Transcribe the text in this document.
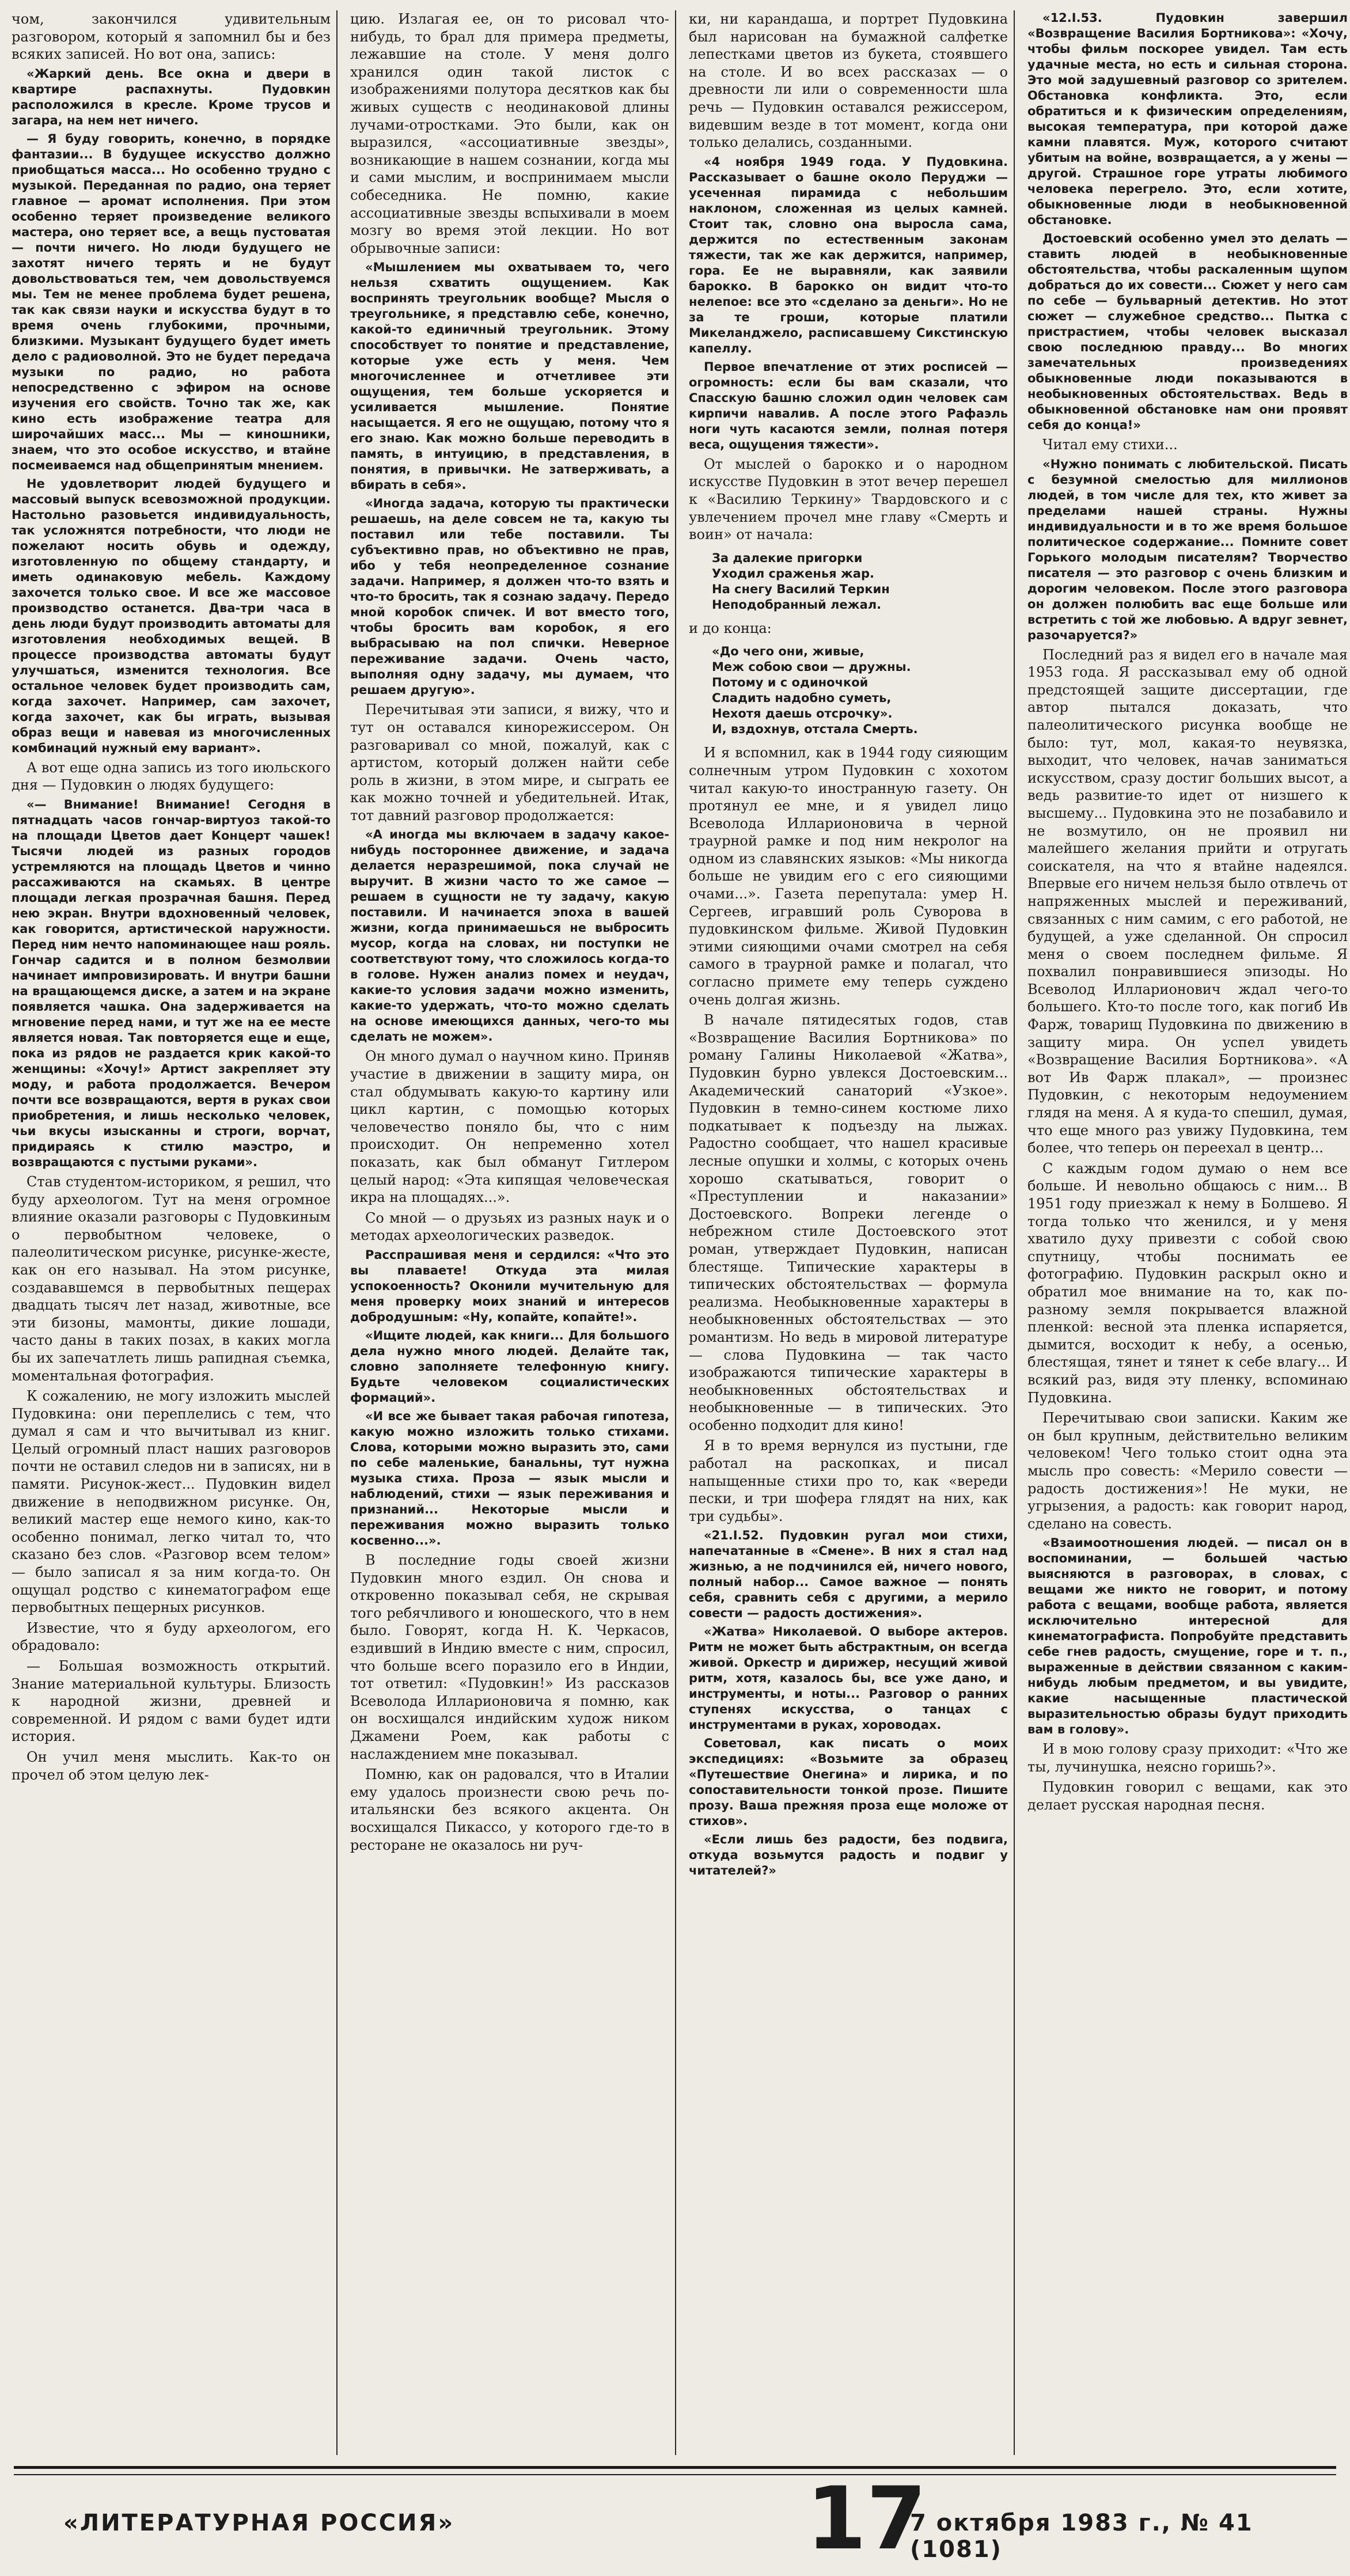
чом, закончился удивительным разговором, который я запомнил бы и без всяких записей. Но вот она, запись:

«Жаркий день. Все окна и двери в квартире распахнуты. Пудовкин расположился в кресле. Кроме трусов и загара, на нем нет ничего.

— Я буду говорить, конечно, в порядке фантазии... В будущее искусство должно приобщаться масса... Но особенно трудно с музыкой. Переданная по радио, она теряет главное — аромат исполнения. При этом особенно теряет произведение великого мастера, оно теряет все, а вещь пустоватая — почти ничего. Но люди будущего не захотят ничего терять и не будут довольствоваться тем, чем довольствуемся мы. Тем не менее проблема будет решена, так как связи науки и искусства будут в то время очень глубокими, прочными, близкими. Музыкант будущего будет иметь дело с радиоволной. Это не будет передача музыки по радио, но работа непосредственно с эфиром на основе изучения его свойств. Точно так же, как кино есть изображение театра для широчайших масс... Мы — киношники, знаем, что это особое искусство, и втайне посмеиваемся над общепринятым мнением.

Не удовлетворит людей будущего и массовый выпуск всевозможной продукции. Настольно разовьется индивидуальность, так усложнятся потребности, что люди не пожелают носить обувь и одежду, изготовленную по общему стандарту, и иметь одинаковую мебель. Каждому захочется только свое. И все же массовое производство останется. Два-три часа в день люди будут производить автоматы для изготовления необходимых вещей. В процессе производства автоматы будут улучшаться, изменится технология. Все остальное человек будет производить сам, когда захочет. Например, сам захочет, когда захочет, как бы играть, вызывая образ вещи и навевая из многочисленных комбинаций нужный ему вариант».

А вот еще одна запись из того июльского дня — Пудовкин о людях будущего:

«— Внимание! Внимание! Сегодня в пятнадцать часов гончар-виртуоз такой-то на площади Цветов дает Концерт чашек! Тысячи людей из разных городов устремляются на площадь Цветов и чинно рассаживаются на скамьях. В центре площади легкая прозрачная башня. Перед нею экран. Внутри вдохновенный человек, как говорится, артистической наружности. Перед ним нечто напоминающее наш рояль. Гончар садится и в полном безмолвии начинает импровизировать. И внутри башни на вращающемся диске, а затем и на экране появляется чашка. Она задерживается на мгновение перед нами, и тут же на ее месте является новая. Так повторяется еще и еще, пока из рядов не раздается крик какой-то женщины: «Хочу!» Артист закрепляет эту моду, и работа продолжается. Вечером почти все возвращаются, вертя в руках свои приобретения, и лишь несколько человек, чьи вкусы изысканны и строги, ворчат, придираясь к стилю маэстро, и возвращаются с пустыми руками».

Став студентом-историком, я решил, что буду археологом. Тут на меня огромное влияние оказали разговоры с Пудовкиным о первобытном человеке, о палеолитическом рисунке, рисунке-жесте, как он его называл. На этом рисунке, создававшемся в первобытных пещерах двадцать тысяч лет назад, животные, все эти бизоны, мамонты, дикие лошади, часто даны в таких позах, в каких могла бы их запечатлеть лишь рапидная съемка, моментальная фотография.

К сожалению, не могу изложить мыслей Пудовкина: они переплелись с тем, что думал я сам и что вычитывал из книг. Целый огромный пласт наших разговоров почти не оставил следов ни в записях, ни в памяти. Рисунок-жест... Пудовкин видел движение в неподвижном рисунке. Он, великий мастер еще немого кино, как-то особенно понимал, легко читал то, что сказано без слов. «Разговор всем телом» — было записал я за ним когда-то. Он ощущал родство с кинематографом еще первобытных пещерных рисунков.

Известие, что я буду археологом, его обрадовало:

— Большая возможность открытий. Знание материальной культуры. Близость к народной жизни, древней и современной. И рядом с вами будет идти история.

Он учил меня мыслить. Как-то он прочел об этом целую лек-

цию. Излагая ее, он то рисовал что-нибудь, то брал для примера предметы, лежавшие на столе. У меня долго хранился один такой листок с изображениями полутора десятков как бы живых существ с неодинаковой длины лучами-отростками. Это были, как он выразился, «ассоциативные звезды», возникающие в нашем сознании, когда мы и сами мыслим, и воспринимаем мысли собеседника. Не помню, какие ассоциативные звезды вспыхивали в моем мозгу во время этой лекции. Но вот обрывочные записи:

«Мышлением мы охватываем то, чего нельзя схватить ощущением. Как воспринять треугольник вообще? Мысля о треугольнике, я представлю себе, конечно, какой-то единичный треугольник. Этому способствует то понятие и представление, которые уже есть у меня. Чем многочисленнее и отчетливее эти ощущения, тем больше ускоряется и усиливается мышление. Понятие насыщается. Я его не ощущаю, потому что я его знаю. Как можно больше переводить в память, в интуицию, в представления, в понятия, в привычки. Не затверживать, а вбирать в себя».

«Иногда задача, которую ты практически решаешь, на деле совсем не та, какую ты поставил или тебе поставили. Ты субъективно прав, но объективно не прав, ибо у тебя неопределенное сознание задачи. Например, я должен что-то взять и что-то бросить, так я сознаю задачу. Передо мной коробок спичек. И вот вместо того, чтобы бросить вам коробок, я его выбрасываю на пол спички. Неверное переживание задачи. Очень часто, выполняя одну задачу, мы думаем, что решаем другую».

Перечитывая эти записи, я вижу, что и тут он оставался кинорежиссером. Он разговаривал со мной, пожалуй, как с артистом, который должен найти себе роль в жизни, в этом мире, и сыграть ее как можно точней и убедительней. Итак, тот давний разговор продолжается:

«А иногда мы включаем в задачу какое-нибудь постороннее движение, и задача делается неразрешимой, пока случай не выручит. В жизни часто то же самое — решаем в сущности не ту задачу, какую поставили. И начинается эпоха в вашей жизни, когда принимаешься не выбросить мусор, когда на словах, ни поступки не соответствуют тому, что сложилось когда-то в голове. Нужен анализ помех и неудач, какие-то условия задачи можно изменить, какие-то удержать, что-то можно сделать на основе имеющихся данных, чего-то мы сделать не можем».

Он много думал о научном кино. Приняв участие в движении в защиту мира, он стал обдумывать какую-то картину или цикл картин, с помощью которых человечество поняло бы, что с ним происходит. Он непременно хотел показать, как был обманут Гитлером целый народ: «Эта кипящая человеческая икра на площадях...».

Со мной — о друзьях из разных наук и о методах археологических разведок.

Расспрашивая меня и сердился: «Что это вы плаваете! Откуда эта милая успокоенность? Оконили мучительную для меня проверку моих знаний и интересов добродушным: «Ну, копайте, копайте!».

«Ищите людей, как книги... Для большого дела нужно много людей. Делайте так, словно заполняете телефонную книгу. Будьте человеком социалистических формаций».

«И все же бывает такая рабочая гипотеза, какую можно изложить только стихами. Слова, которыми можно выразить это, сами по себе маленькие, банальны, тут нужна музыка стиха. Проза — язык мысли и наблюдений, стихи — язык переживания и признаний... Некоторые мысли и переживания можно выразить только косвенно...».

В последние годы своей жизни Пудовкин много ездил. Он снова и откровенно показывал себя, не скрывая того ребячливого и юношеского, что в нем было. Говорят, когда Н. К. Черкасов, ездивший в Индию вместе с ним, спросил, что больше всего поразило его в Индии, тот ответил: «Пудовкин!» Из рассказов Всеволода Илларионовича я помню, как он восхищался индийским худож ником Джамени Роем, как работы с наслаждением мне показывал.

Помню, как он радовался, что в Италии ему удалось произнести свою речь по-итальянски без всякого акцента. Он восхищался Пикассо, у которого где-то в ресторане не оказалось ни руч-

ки, ни карандаша, и портрет Пудовкина был нарисован на бумажной салфетке лепестками цветов из букета, стоявшего на столе. И во всех рассказах — о древности ли или о современности шла речь — Пудовкин оставался режиссером, видевшим везде в тот момент, когда они только делались, созданными.

«4 ноября 1949 года. У Пудовкина. Рассказывает о башне около Перуджи — усеченная пирамида с небольшим наклоном, сложенная из целых камней. Стоит так, словно она выросла сама, держится по естественным законам тяжести, так же как держится, например, гора. Ее не выравняли, как заявили барокко. В барокко он видит что-то нелепое: все это «сделано за деньги». Но не за те гроши, которые платили Микеланджело, расписавшему Сикстинскую капеллу.

Первое впечатление от этих росписей — огромность: если бы вам сказали, что Спасскую башню сложил один человек сам кирпичи навалив. А после этого Рафаэль ноги чуть касаются земли, полная потеря веса, ощущения тяжести».

От мыслей о барокко и о народном искусстве Пудовкин в этот вечер перешел к «Василию Теркину» Твардовского и с увлечением прочел мне главу «Смерть и воин» от начала:

За далекие пригорки
Уходил сраженья жар.
На снегу Василий Теркин
Неподобранный лежал.

и до конца:

«До чего они, живые,
Меж собою свои — дружны.
Потому и с одиночкой
Сладить надобно суметь,
Нехотя даешь отсрочку».
И, вздохнув, отстала Смерть.

И я вспомнил, как в 1944 году сияющим солнечным утром Пудовкин с хохотом читал какую-то иностранную газету. Он протянул ее мне, и я увидел лицо Всеволода Илларионовича в черной траурной рамке и под ним некролог на одном из славянских языков: «Мы никогда больше не увидим его с его сияющими очами...». Газета перепутала: умер Н. Сергеев, игравший роль Суворова в пудовкинском фильме. Живой Пудовкин этими сияющими очами смотрел на себя самого в траурной рамке и полагал, что согласно примете ему теперь суждено очень долгая жизнь.

В начале пятидесятых годов, став «Возвращение Василия Бортникова» по роману Галины Николаевой «Жатва», Пудовкин бурно увлекся Достоевским... Академический санаторий «Узкое». Пудовкин в темно-синем костюме лихо подкатывает к подъезду на лыжах. Радостно сообщает, что нашел красивые лесные опушки и холмы, с которых очень хорошо скатываться, говорит о «Преступлении и наказании» Достоевского. Вопреки легенде о небрежном стиле Достоевского этот роман, утверждает Пудовкин, написан блестяще. Типические характеры в типических обстоятельствах — формула реализма. Необыкновенные характеры в необыкновенных обстоятельствах — это романтизм. Но ведь в мировой литературе — слова Пудовкина — так часто изображаются типические характеры в необыкновенных обстоятельствах и необыкновенные — в типических. Это особенно подходит для кино!

Я в то время вернулся из пустыни, где работал на раскопках, и писал напыщенные стихи про то, как «вереди пески, и три шофера глядят на них, как три судьбы».

«21.I.52. Пудовкин ругал мои стихи, напечатанные в «Смене». В них я стал над жизнью, а не подчинился ей, ничего нового, полный набор... Самое важное — понять себя, сравнить себя с другими, а мерило совести — радость достижения».

«Жатва» Николаевой. О выборе актеров. Ритм не может быть абстрактным, он всегда живой. Оркестр и дирижер, несущий живой ритм, хотя, казалось бы, все уже дано, и инструменты, и ноты... Разговор о ранних ступенях искусства, о танцах с инструментами в руках, хороводах.

Советовал, как писать о моих экспедициях: «Возьмите за образец «Путешествие Онегина» и лирика, и по сопоставительности тонкой прозе. Пишите прозу. Ваша прежняя проза еще моложе от стихов».

«Если лишь без радости, без подвига, откуда возьмутся радость и подвиг у читателей?»

«12.I.53. Пудовкин завершил «Возвращение Василия Бортникова»: «Хочу, чтобы фильм поскорее увидел. Там есть удачные места, но есть и сильная сторона. Это мой задушевный разговор со зрителем. Обстановка конфликта. Это, если обратиться и к физическим определениям, высокая температура, при которой даже камни плавятся. Муж, которого считают убитым на войне, возвращается, а у жены — другой. Страшное горе утраты любимого человека перегрело. Это, если хотите, обыкновенные люди в необыкновенной обстановке.

Достоевский особенно умел это делать — ставить людей в необыкновенные обстоятельства, чтобы раскаленным щупом добраться до их совести... Сюжет у него сам по себе — бульварный детектив. Но этот сюжет — служебное средство... Пытка с пристрастием, чтобы человек высказал свою последнюю правду... Во многих замечательных произведениях обыкновенные люди показываются в необыкновенных обстоятельствах. Ведь в обыкновенной обстановке нам они проявят себя до конца!»

Читал ему стихи...

«Нужно понимать с любительской. Писать с безумной смелостью для миллионов людей, в том числе для тех, кто живет за пределами нашей страны. Нужны индивидуальности и в то же время большое политическое содержание... Помните совет Горького молодым писателям? Творчество писателя — это разговор с очень близким и дорогим человеком. После этого разговора он должен полюбить вас еще больше или встретить с той же любовью. А вдруг зевнет, разочаруется?»

Последний раз я видел его в начале мая 1953 года. Я рассказывал ему об одной предстоящей защите диссертации, где автор пытался доказать, что палеолитического рисунка вообще не было: тут, мол, какая-то неувязка, выходит, что человек, начав заниматься искусством, сразу достиг больших высот, а ведь развитие-то идет от низшего к высшему... Пудовкина это не позабавило и не возмутило, он не проявил ни малейшего желания прийти и отругать соискателя, на что я втайне надеялся. Впервые его ничем нельзя было отвлечь от напряженных мыслей и переживаний, связанных с ним самим, с его работой, не будущей, а уже сделанной. Он спросил меня о своем последнем фильме. Я похвалил понравившиеся эпизоды. Но Всеволод Илларионович ждал чего-то большего. Кто-то после того, как погиб Ив Фарж, товарищ Пудовкина по движению в защиту мира. Он успел увидеть «Возвращение Василия Бортникова». «А вот Ив Фарж плакал», — произнес Пудовкин, с некоторым недоумением глядя на меня. А я куда-то спешил, думая, что еще много раз увижу Пудовкина, тем более, что теперь он переехал в центр...

С каждым годом думаю о нем все больше. И невольно общаюсь с ним... В 1951 году приезжал к нему в Болшево. Я тогда только что женился, и у меня хватило духу привезти с собой свою спутницу, чтобы поснимать ее фотографию. Пудовкин раскрыл окно и обратил мое внимание на то, как по-разному земля покрывается влажной пленкой: весной эта пленка испаряется, дымится, восходит к небу, а осенью, блестящая, тянет и тянет к себе влагу... И всякий раз, видя эту пленку, вспоминаю Пудовкина.

Перечитываю свои записки. Каким же он был крупным, действительно великим человеком! Чего только стоит одна эта мысль про совесть: «Мерило совести — радость достижения»! Не муки, не угрызения, а радость: как говорит народ, сделано на совесть.

«Взаимоотношения людей. — писал он в воспоминании, — большей частью выясняются в разговорах, в словах, с вещами же никто не говорит, и потому работа с вещами, вообще работа, является исключительно интересной для кинематографиста. Попробуйте представить себе гнев радость, смущение, горе и т. п., выраженные в действии связанном с каким-нибудь любым предметом, и вы увидите, какие насыщенные пластической выразительностью образы будут приходить вам в голову».

И в мою голову сразу приходит: «Что же ты, лучинушка, неясно горишь?».

Пудовкин говорил с вещами, как это делает русская народная песня.

«ЛИТЕРАТУРНАЯ РОССИЯ»	17
7 октября 1983 г., № 41 (1081)
